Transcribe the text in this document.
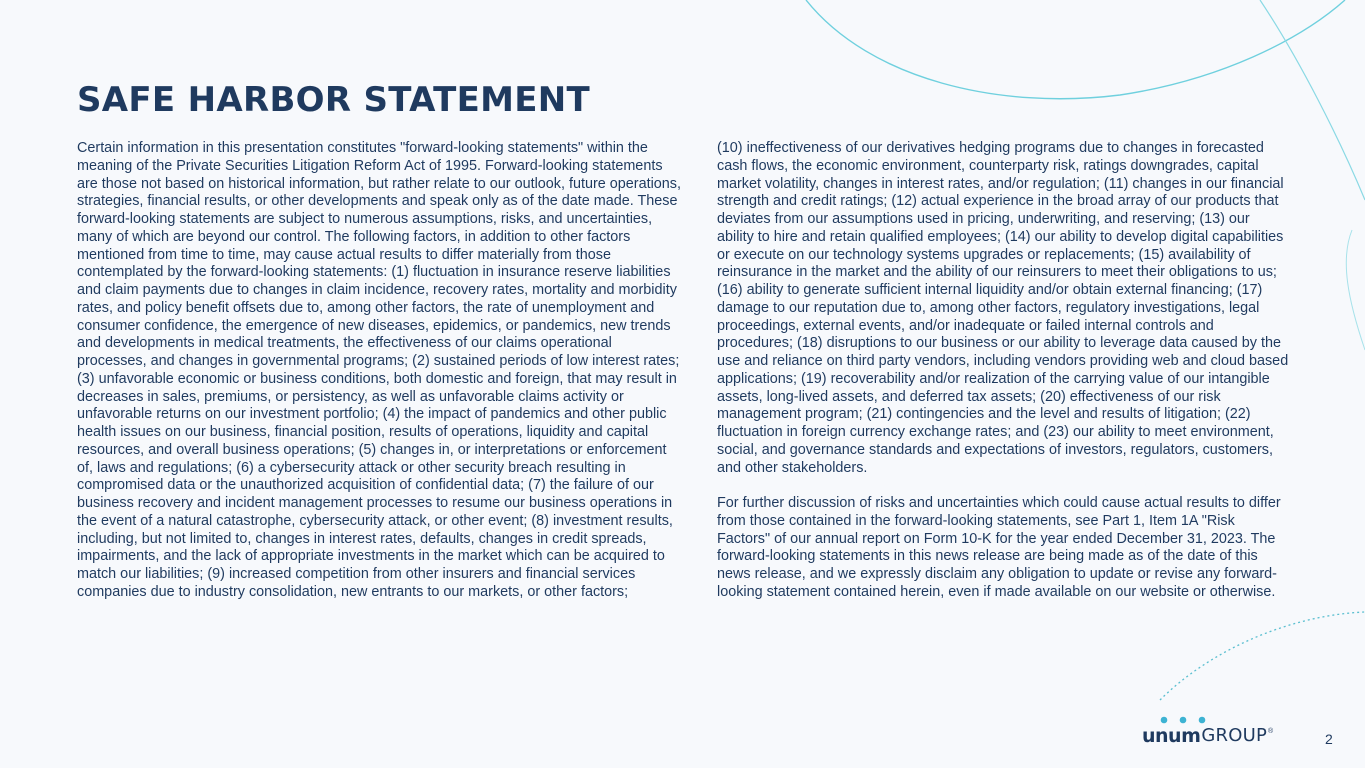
SAFE HARBOR STATEMENT

Certain information in this presentation constitutes "forward-looking statements" within the meaning of the Private Securities Litigation Reform Act of 1995. Forward-looking statements are those not based on historical information, but rather relate to our outlook, future operations, strategies, financial results, or other developments and speak only as of the date made. These forward-looking statements are subject to numerous assumptions, risks, and uncertainties, many of which are beyond our control. The following factors, in addition to other factors mentioned from time to time, may cause actual results to differ materially from those contemplated by the forward-looking statements: (1) fluctuation in insurance reserve liabilities and claim payments due to changes in claim incidence, recovery rates, mortality and morbidity rates, and policy benefit offsets due to, among other factors, the rate of unemployment and consumer confidence, the emergence of new diseases, epidemics, or pandemics, new trends and developments in medical treatments, the effectiveness of our claims operational processes, and changes in governmental programs; (2) sustained periods of low interest rates; (3) unfavorable economic or business conditions, both domestic and foreign, that may result in decreases in sales, premiums, or persistency, as well as unfavorable claims activity or unfavorable returns on our investment portfolio; (4) the impact of pandemics and other public health issues on our business, financial position, results of operations, liquidity and capital resources, and overall business operations; (5) changes in, or interpretations or enforcement of, laws and regulations; (6) a cybersecurity attack or other security breach resulting in compromised data or the unauthorized acquisition of confidential data; (7) the failure of our business recovery and incident management processes to resume our business operations in the event of a natural catastrophe, cybersecurity attack, or other event; (8) investment results, including, but not limited to, changes in interest rates, defaults, changes in credit spreads, impairments, and the lack of appropriate investments in the market which can be acquired to match our liabilities; (9) increased competition from other insurers and financial services companies due to industry consolidation, new entrants to our markets, or other factors;

(10) ineffectiveness of our derivatives hedging programs due to changes in forecasted cash flows, the economic environment, counterparty risk, ratings downgrades, capital market volatility, changes in interest rates, and/or regulation; (11) changes in our financial strength and credit ratings; (12) actual experience in the broad array of our products that deviates from our assumptions used in pricing, underwriting, and reserving; (13) our ability to hire and retain qualified employees; (14) our ability to develop digital capabilities or execute on our technology systems upgrades or replacements; (15) availability of reinsurance in the market and the ability of our reinsurers to meet their obligations to us; (16) ability to generate sufficient internal liquidity and/or obtain external financing; (17) damage to our reputation due to, among other factors, regulatory investigations, legal proceedings, external events, and/or inadequate or failed internal controls and procedures; (18) disruptions to our business or our ability to leverage data caused by the use and reliance on third party vendors, including vendors providing web and cloud based applications; (19) recoverability and/or realization of the carrying value of our intangible assets, long-lived assets, and deferred tax assets; (20) effectiveness of our risk management program; (21) contingencies and the level and results of litigation; (22) fluctuation in foreign currency exchange rates; and (23) our ability to meet environment, social, and governance standards and expectations of investors, regulators, customers, and other stakeholders.

For further discussion of risks and uncertainties which could cause actual results to differ from those contained in the forward-looking statements, see Part 1, Item 1A "Risk Factors" of our annual report on Form 10-K for the year ended December 31, 2023. The forward-looking statements in this news release are being made as of the date of this news release, and we expressly disclaim any obligation to update or revise any forward-looking statement contained herein, even if made available on our website or otherwise.

unum GROUP ®	2
